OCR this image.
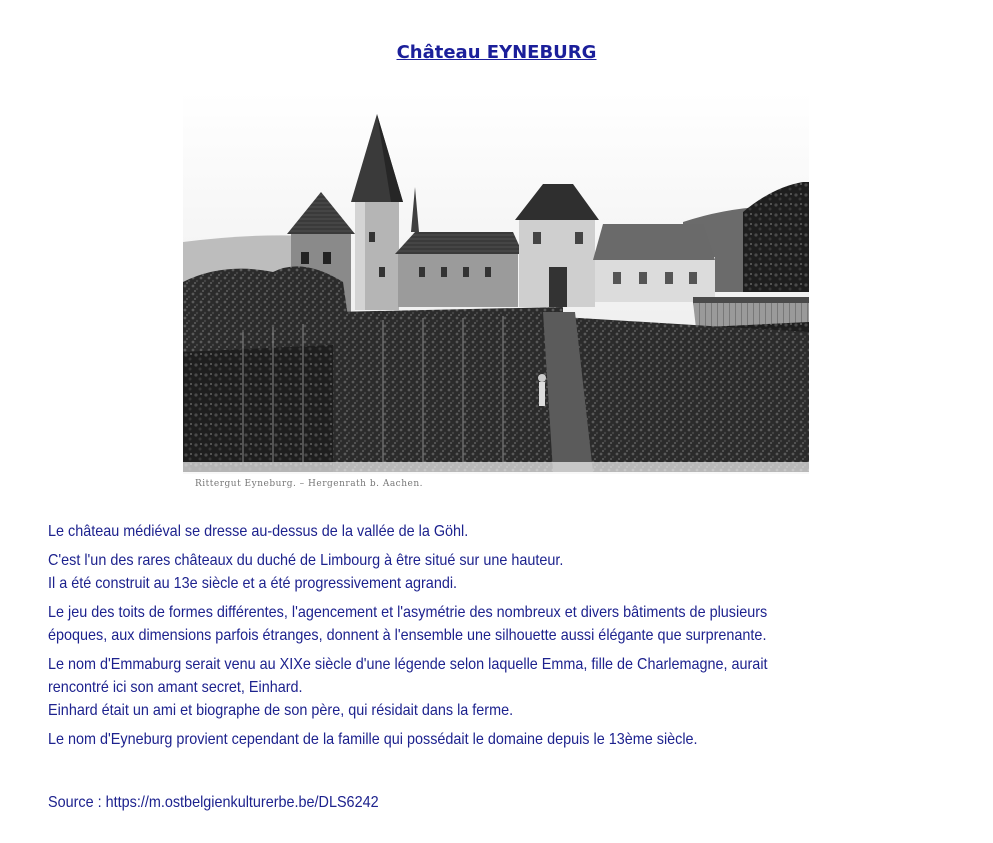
Château EYNEBURG
Rittergut Eyneburg. – Hergenrath b. Aachen.

Le château médiéval se dresse au-dessus de la vallée de la Göhl.

C'est l'un des rares châteaux du duché de Limbourg à être situé sur une hauteur.
Il a été construit au 13e siècle et a été progressivement agrandi.

Le jeu des toits de formes différentes, l'agencement et l'asymétrie des nombreux et divers bâtiments de plusieurs
époques, aux dimensions parfois étranges, donnent à l'ensemble une silhouette aussi élégante que surprenante.

Le nom d'Emmaburg serait venu au XIXe siècle d'une légende selon laquelle Emma, fille de Charlemagne, aurait
rencontré ici son amant secret, Einhard.
Einhard était un ami et biographe de son père, qui résidait dans la ferme.

Le nom d'Eyneburg provient cependant de la famille qui possédait le domaine depuis le 13ème siècle.

Source : https://m.ostbelgienkulturerbe.be/DLS6242
